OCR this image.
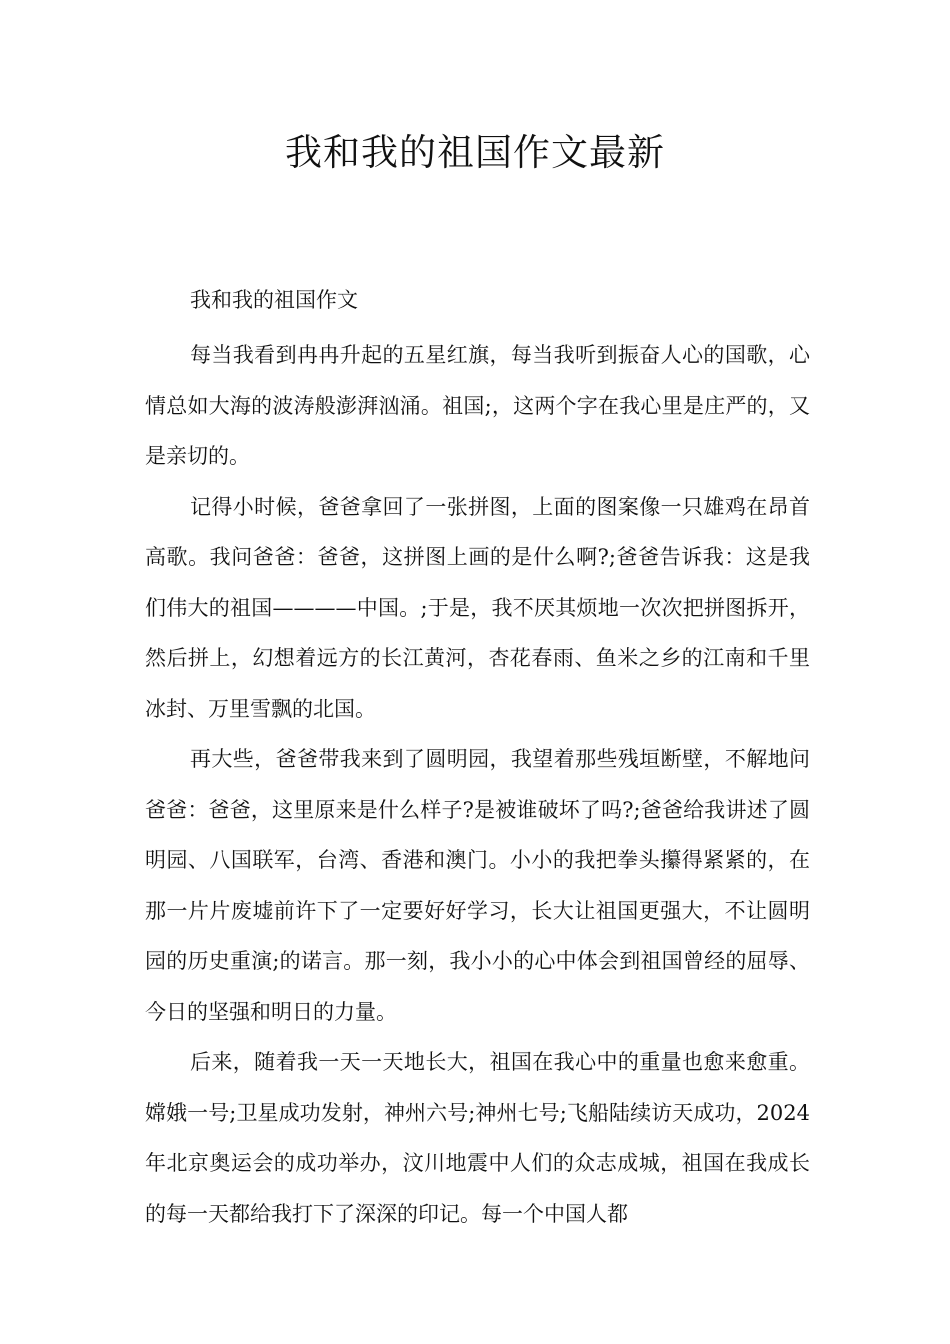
我和我的祖国作文最新

我和我的祖国作文

每当我看到冉冉升起的五星红旗，每当我听到振奋人心的国歌，心情总如大海的波涛般澎湃汹涌。祖国;，这两个字在我心里是庄严的，又是亲切的。

记得小时候，爸爸拿回了一张拼图，上面的图案像一只雄鸡在昂首高歌。我问爸爸：爸爸，这拼图上画的是什么啊?;爸爸告诉我：这是我们伟大的祖国————中国。;于是，我不厌其烦地一次次把拼图拆开，然后拼上，幻想着远方的长江黄河，杏花春雨、鱼米之乡的江南和千里冰封、万里雪飘的北国。

再大些，爸爸带我来到了圆明园，我望着那些残垣断壁，不解地问爸爸：爸爸，这里原来是什么样子?是被谁破坏了吗?;爸爸给我讲述了圆明园、八国联军，台湾、香港和澳门。小小的我把拳头攥得紧紧的，在那一片片废墟前许下了一定要好好学习，长大让祖国更强大，不让圆明园的历史重演;的诺言。那一刻，我小小的心中体会到祖国曾经的屈辱、今日的坚强和明日的力量。

后来，随着我一天一天地长大，祖国在我心中的重量也愈来愈重。嫦娥一号;卫星成功发射，神州六号;神州七号;飞船陆续访天成功，2024年北京奥运会的成功举办，汶川地震中人们的众志成城，祖国在我成长的每一天都给我打下了深深的印记。每一个中国人都
